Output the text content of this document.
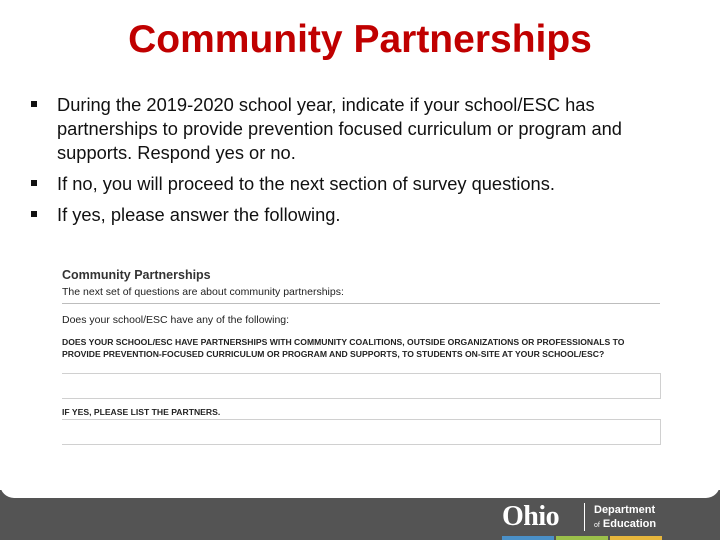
Community Partnerships
During the 2019-2020 school year, indicate if your school/ESC has partnerships to provide prevention focused curriculum or program and supports. Respond yes or no.
If no, you will proceed to the next section of survey questions.
If yes, please answer the following.
Community Partnerships
The next set of questions are about community partnerships:
Does your school/ESC have any of the following:
DOES YOUR SCHOOL/ESC HAVE PARTNERSHIPS WITH COMMUNITY COALITIONS, OUTSIDE ORGANIZATIONS OR PROFESSIONALS TO PROVIDE PREVENTION-FOCUSED CURRICULUM OR PROGRAM AND SUPPORTS, TO STUDENTS ON-SITE AT YOUR SCHOOL/ESC?
IF YES, PLEASE LIST THE PARTNERS.
Ohio	Department
of Education
